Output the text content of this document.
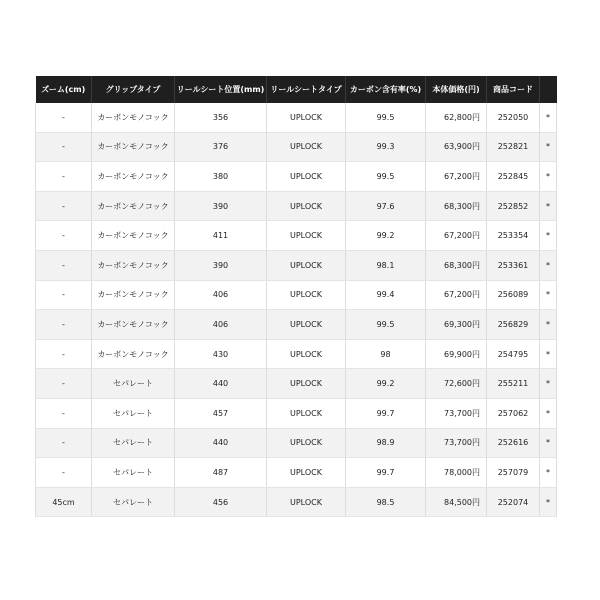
ズーム(cm)	グリップタイプ	リールシート位置(mm)	リールシートタイプ	カーボン含有率(%)	本体価格(円)	商品コード	
-	カーボンモノコック	356	UPLOCK	99.5	62,800円	252050	*
-	カーボンモノコック	376	UPLOCK	99.3	63,900円	252821	*
-	カーボンモノコック	380	UPLOCK	99.5	67,200円	252845	*
-	カーボンモノコック	390	UPLOCK	97.6	68,300円	252852	*
-	カーボンモノコック	411	UPLOCK	99.2	67,200円	253354	*
-	カーボンモノコック	390	UPLOCK	98.1	68,300円	253361	*
-	カーボンモノコック	406	UPLOCK	99.4	67,200円	256089	*
-	カーボンモノコック	406	UPLOCK	99.5	69,300円	256829	*
-	カーボンモノコック	430	UPLOCK	98	69,900円	254795	*
-	セパレート	440	UPLOCK	99.2	72,600円	255211	*
-	セパレート	457	UPLOCK	99.7	73,700円	257062	*
-	セパレート	440	UPLOCK	98.9	73,700円	252616	*
-	セパレート	487	UPLOCK	99.7	78,000円	257079	*
45cm	セパレート	456	UPLOCK	98.5	84,500円	252074	*
